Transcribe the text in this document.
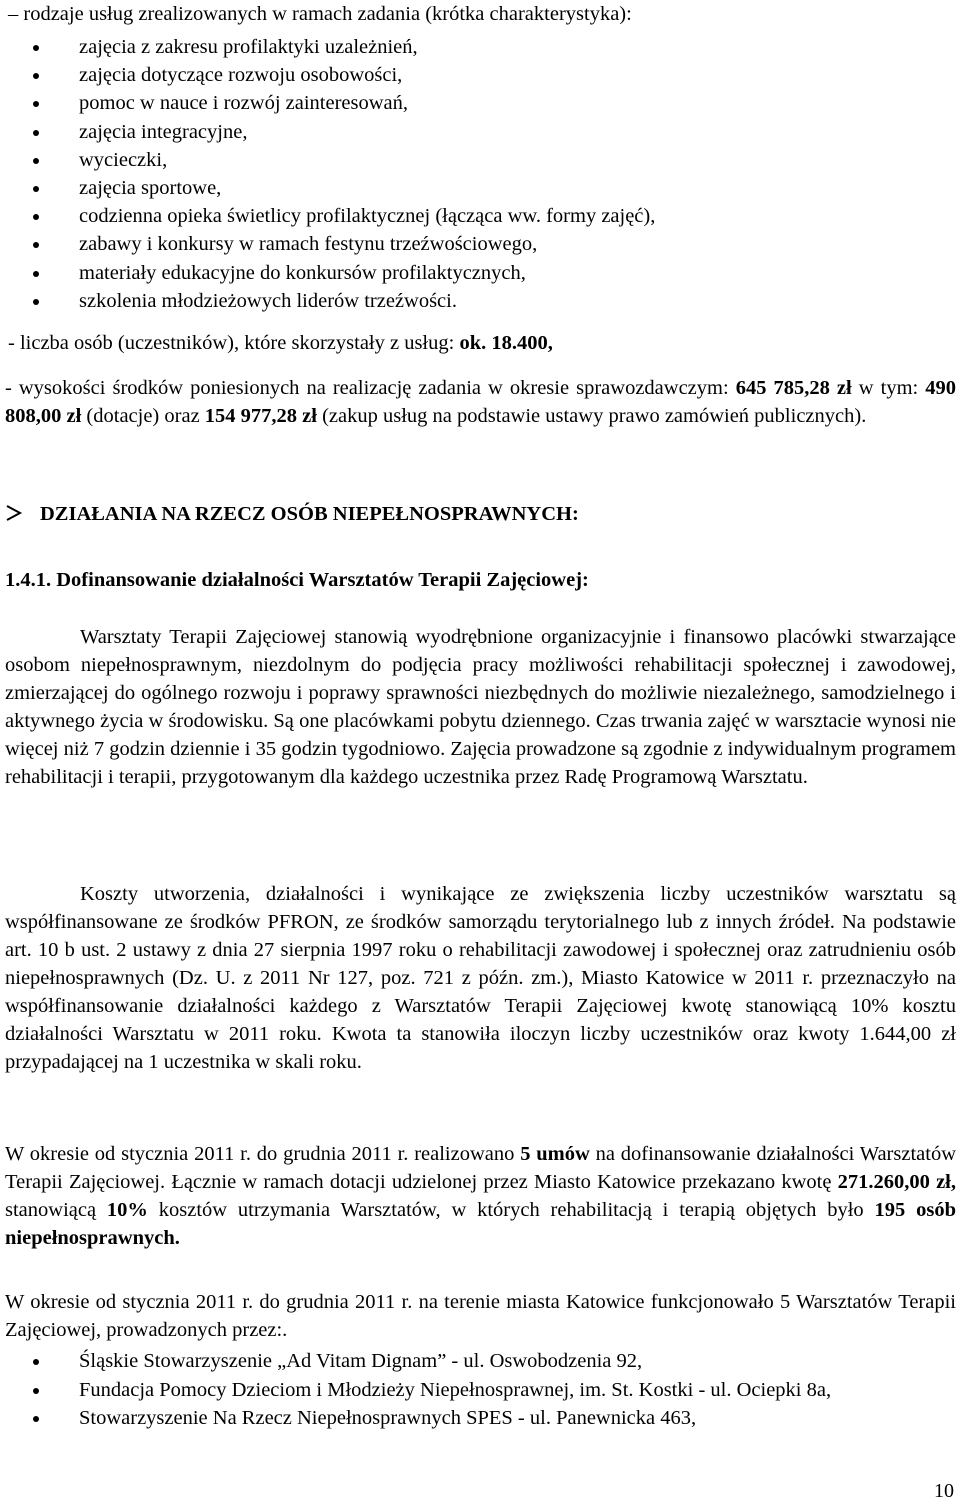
– rodzaje usług zrealizowanych w ramach zadania (krótka charakterystyka):
zajęcia z zakresu profilaktyki uzależnień,
zajęcia dotyczące rozwoju osobowości,
pomoc w nauce i rozwój zainteresowań,
zajęcia integracyjne,
wycieczki,
zajęcia sportowe,
codzienna opieka świetlicy profilaktycznej (łącząca ww. formy zajęć),
zabawy i konkursy w ramach festynu trzeźwościowego,
materiały edukacyjne do konkursów profilaktycznych,
szkolenia młodzieżowych liderów trzeźwości.
- liczba osób (uczestników), które skorzystały z usług: ok. 18.400,
- wysokości środków poniesionych na realizację zadania w okresie sprawozdawczym: 645 785,28 zł w tym: 490 808,00 zł (dotacje) oraz 154 977,28 zł (zakup usług na podstawie ustawy prawo zamówień publicznych).
DZIAŁANIA NA RZECZ OSÓB NIEPEŁNOSPRAWNYCH:
1.4.1. Dofinansowanie działalności Warsztatów Terapii Zajęciowej:
Warsztaty Terapii Zajęciowej stanowią wyodrębnione organizacyjnie i finansowo placówki stwarzające osobom niepełnosprawnym, niezdolnym do podjęcia pracy możliwości rehabilitacji społecznej i zawodowej, zmierzającej do ogólnego rozwoju i poprawy sprawności niezbędnych do możliwie niezależnego, samodzielnego i aktywnego życia w środowisku. Są one placówkami pobytu dziennego. Czas trwania zajęć w warsztacie wynosi nie więcej niż 7 godzin dziennie i 35 godzin tygodniowo. Zajęcia prowadzone są zgodnie z indywidualnym programem rehabilitacji i terapii, przygotowanym dla każdego uczestnika przez Radę Programową Warsztatu.
Koszty utworzenia, działalności i wynikające ze zwiększenia liczby uczestników warsztatu są współfinansowane ze środków PFRON, ze środków samorządu terytorialnego lub z innych źródeł. Na podstawie art. 10 b ust. 2 ustawy z dnia 27 sierpnia 1997 roku o rehabilitacji zawodowej i społecznej oraz zatrudnieniu osób niepełnosprawnych (Dz. U. z 2011 Nr 127, poz. 721 z późn. zm.), Miasto Katowice w 2011 r. przeznaczyło na współfinansowanie działalności każdego z Warsztatów Terapii Zajęciowej kwotę stanowiącą 10% kosztu działalności Warsztatu w 2011 roku. Kwota ta stanowiła iloczyn liczby uczestników oraz kwoty 1.644,00 zł przypadającej na 1 uczestnika w skali roku.
W okresie od stycznia 2011 r. do grudnia 2011 r. realizowano 5 umów na dofinansowanie działalności Warsztatów Terapii Zajęciowej. Łącznie w ramach dotacji udzielonej przez Miasto Katowice przekazano kwotę 271.260,00 zł, stanowiącą 10% kosztów utrzymania Warsztatów, w których rehabilitacją i terapią objętych było 195 osób niepełnosprawnych.
W okresie od stycznia 2011 r. do grudnia 2011 r. na terenie miasta Katowice funkcjonowało 5 Warsztatów Terapii Zajęciowej, prowadzonych przez:.
Śląskie Stowarzyszenie „Ad Vitam Dignam” - ul. Oswobodzenia 92,
Fundacja Pomocy Dzieciom i Młodzieży Niepełnosprawnej, im. St. Kostki - ul. Ociepki 8a,
Stowarzyszenie Na Rzecz Niepełnosprawnych SPES - ul. Panewnicka 463,
10
